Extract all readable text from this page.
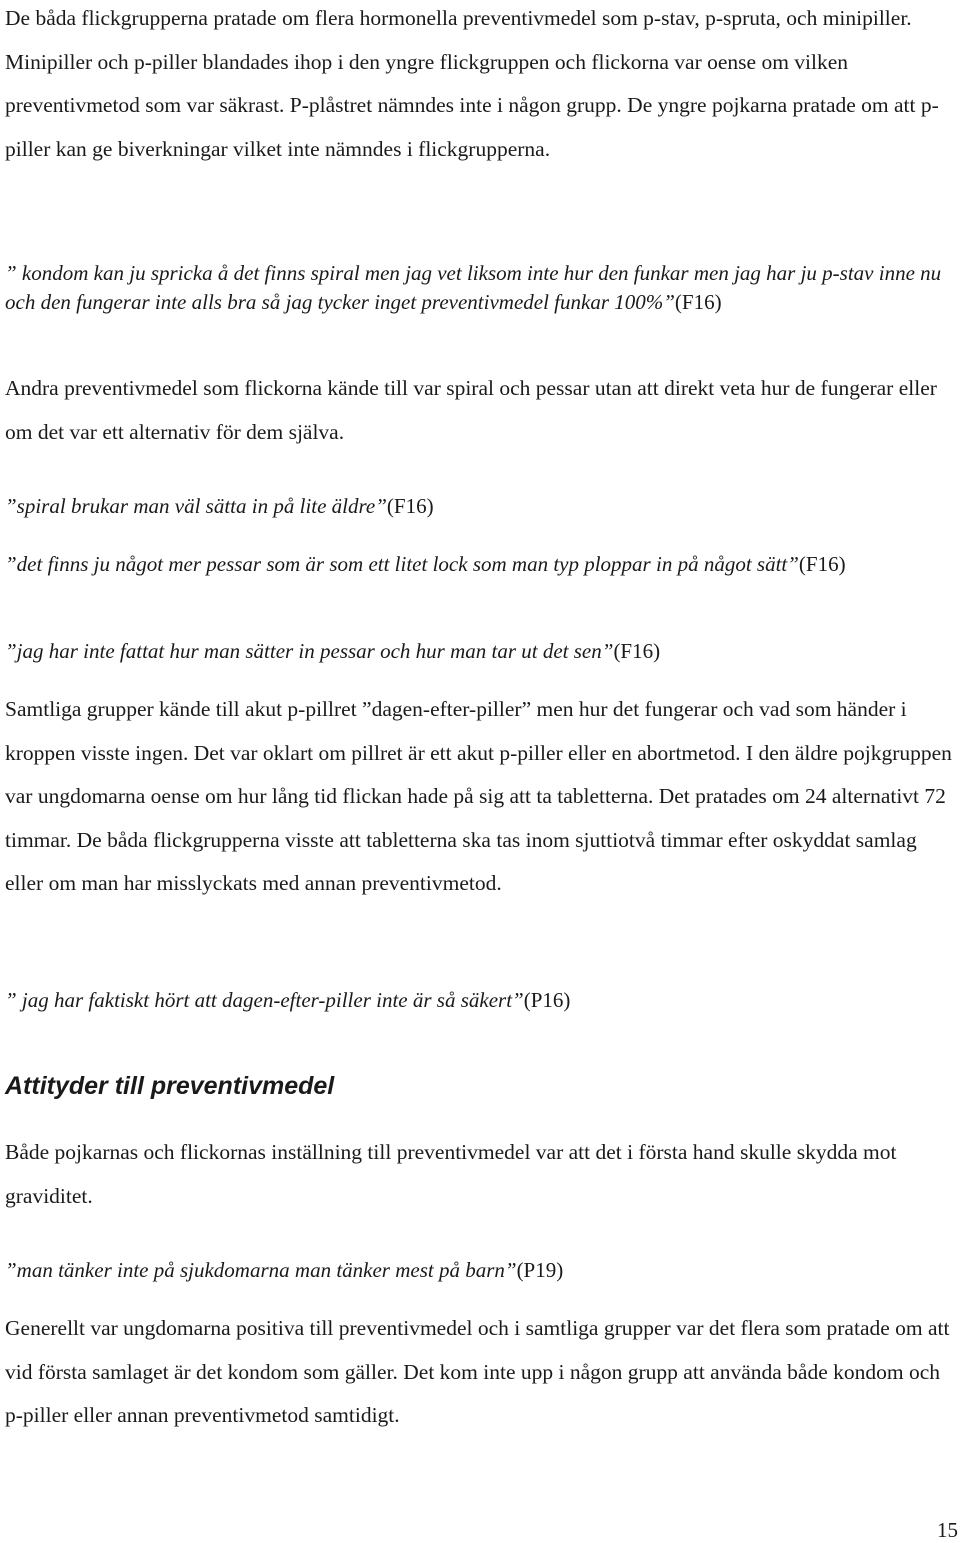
De båda flickgrupperna pratade om flera hormonella preventivmedel som p-stav, p-spruta, och minipiller. Minipiller och p-piller blandades ihop i den yngre flickgruppen och flickorna var oense om vilken preventivmetod som var säkrast. P-plåstret nämndes inte i någon grupp. De yngre pojkarna pratade om att p-piller kan ge biverkningar vilket inte nämndes i flickgrupperna.

” kondom kan ju spricka å det finns spiral men jag vet liksom inte hur den funkar men jag har ju p-stav inne nu och den fungerar inte alls bra så jag tycker inget preventivmedel funkar 100%”(F16)

Andra preventivmedel som flickorna kände till var spiral och pessar utan att direkt veta hur de fungerar eller om det var ett alternativ för dem själva.

”spiral brukar man väl sätta in på lite äldre”(F16)

”det finns ju något mer pessar som är som ett litet lock som man typ ploppar in på något sätt”(F16)

”jag har inte fattat hur man sätter in pessar och hur man tar ut det sen”(F16)

Samtliga grupper kände till akut p-pillret ”dagen-efter-piller” men hur det fungerar och vad som händer i kroppen visste ingen. Det var oklart om pillret är ett akut p-piller eller en abortmetod. I den äldre pojkgruppen var ungdomarna oense om hur lång tid flickan hade på sig att ta tabletterna. Det pratades om 24 alternativt 72 timmar. De båda flickgrupperna visste att tabletterna ska tas inom sjuttiotvå timmar efter oskyddat samlag eller om man har misslyckats med annan preventivmetod.

” jag har faktiskt hört att dagen-efter-piller inte är så säkert”(P16)

Attityder till preventivmedel

Både pojkarnas och flickornas inställning till preventivmedel var att det i första hand skulle skydda mot graviditet.

”man tänker inte på sjukdomarna man tänker mest på barn”(P19)

Generellt var ungdomarna positiva till preventivmedel och i samtliga grupper var det flera som pratade om att vid första samlaget är det kondom som gäller. Det kom inte upp i någon grupp att använda både kondom och p-piller eller annan preventivmetod samtidigt.

15
